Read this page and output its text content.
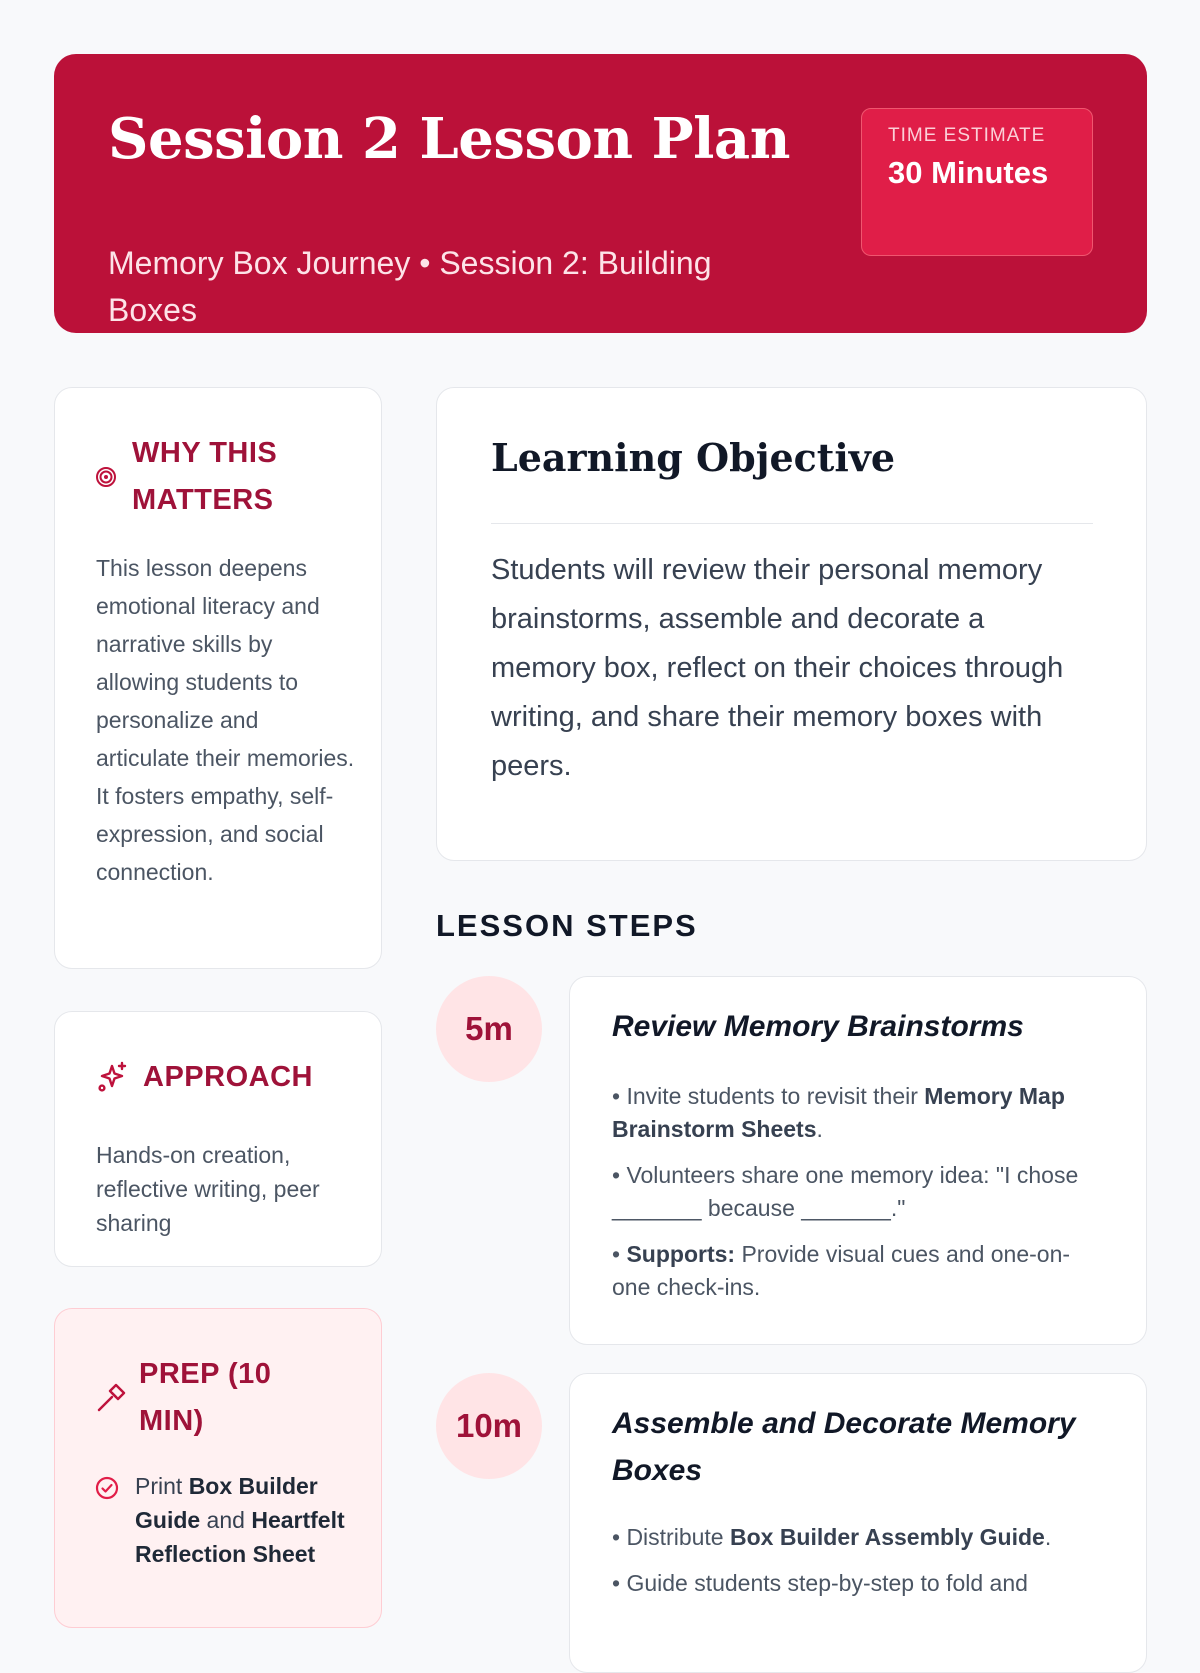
Session 2 Lesson Plan
Memory Box Journey • Session 2: Building Boxes
TIME ESTIMATE
30 Minutes
WHY THIS MATTERS
This lesson deepens emotional literacy and narrative skills by allowing students to personalize and articulate their memories. It fosters empathy, self-expression, and social connection.
APPROACH
Hands-on creation, reflective writing, peer sharing
PREP (10 MIN)
Print Box Builder Guide and Heartfelt Reflection Sheet
Learning Objective

Students will review their personal memory brainstorms, assemble and decorate a memory box, reflect on their choices through writing, and share their memory boxes with peers.

LESSON STEPS
5m	Review Memory Brainstorms
• Invite students to revisit their Memory Map Brainstorm Sheets.
• Volunteers share one memory idea: "I chose _______ because _______."
• Supports: Provide visual cues and one-on-one check-ins.
10m	Assemble and Decorate Memory Boxes
• Distribute Box Builder Assembly Guide.
• Guide students step-by-step to fold and
